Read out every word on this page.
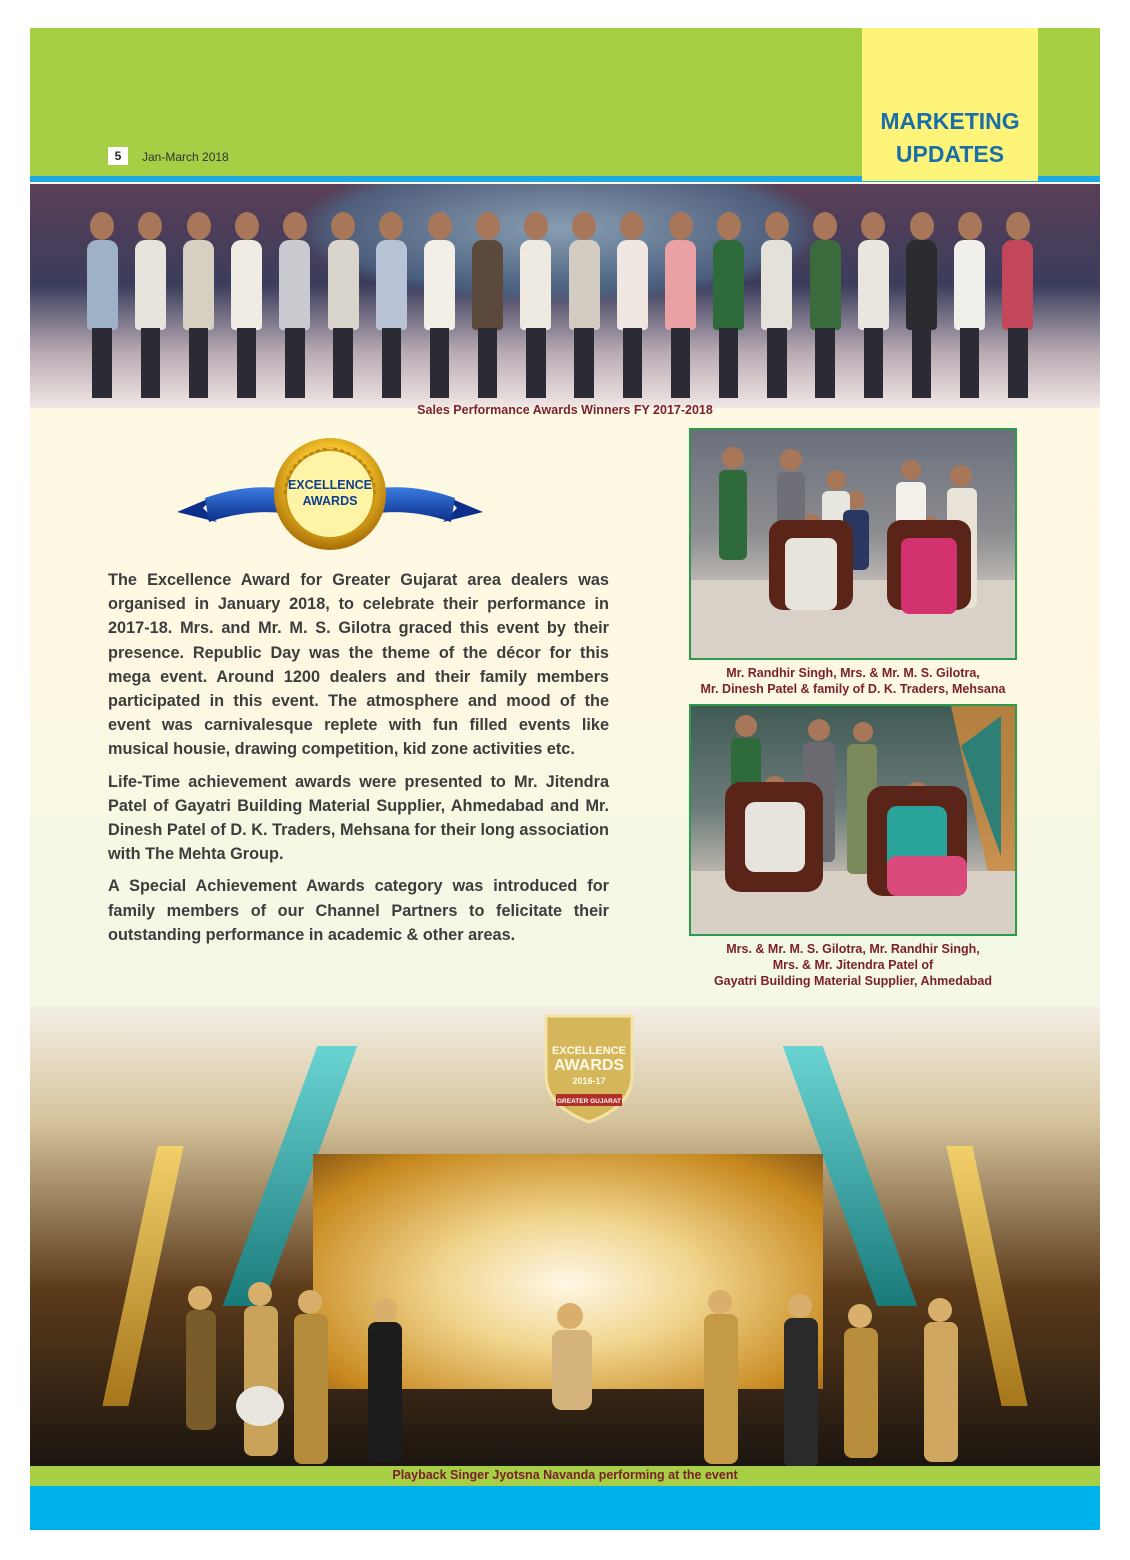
MARKETING
UPDATES
5	Jan-March 2018
Sales Performance Awards Winners FY 2017-2018
EXCELLENCE
AWARDS

The Excellence Award for Greater Gujarat area dealers was organised in January 2018, to celebrate their performance in 2017-18. Mrs. and Mr. M. S. Gilotra graced this event by their presence. Republic Day was the theme of the décor for this mega event. Around 1200 dealers and their family members participated in this event. The atmosphere and mood of the event was carnivalesque replete with fun filled events like musical housie, drawing competition, kid zone activities etc.

Life-Time achievement awards were presented to Mr. Jitendra Patel of Gayatri Building Material Supplier, Ahmedabad and Mr. Dinesh Patel of D. K. Traders, Mehsana for their long association with The Mehta Group.

A Special Achievement Awards category was introduced for family members of our Channel Partners to felicitate their outstanding performance in academic & other areas.

Mr. Randhir Singh, Mrs. & Mr. M. S. Gilotra,
Mr. Dinesh Patel & family of D. K. Traders, Mehsana
Mrs. & Mr. M. S. Gilotra, Mr. Randhir Singh,
Mrs. & Mr. Jitendra Patel of
Gayatri Building Material Supplier, Ahmedabad
EXCELLENCE
AWARDS
2016-17
GREATER GUJARAT
Playback Singer Jyotsna Navanda performing at the event
